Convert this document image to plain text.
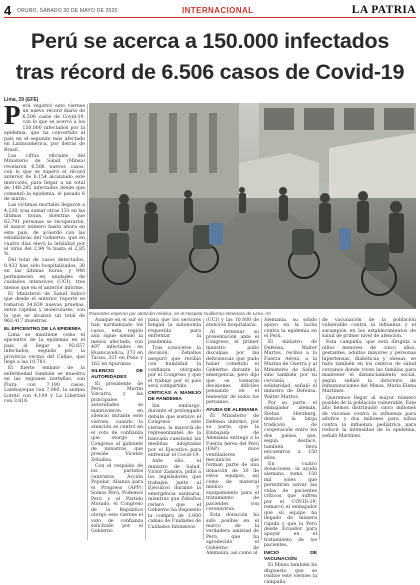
4 ORURO, SÁBADO 30 DE MAYO DE 2020	INTERNACIONAL	LA PATRIA
Perú se acerca a 150.000 infectados
tras récord de 6.506 casos de Covid-19
Lima, 29 (EFE)

Perú registró este viernes un nuevo récord diario de 6.506 casos de Covid-19, con lo que se acercó a los 150.000 infectados por la epidemia, que ha convertido al país en el segundo más afectado en Latinoamérica, por detrás de Brasil.

Las cifras oficiales del Ministerio de Salud (Minsa) revelaron 6.506 nuevos casos, con lo que se superó el récord anterior de 6.154 alcanzado este miércoles, para llegar a un total de 148.285 infectados desde que comenzó la epidemia, el pasado 6 de marzo.

Las víctimas mortales llegaron a 4.230, tras sumar otras 131 en las últimas horas, mientras que 62.791 personas se recuperaron, el mayor número hasta ahora en este país, de acuerdo con las estadísticas del Gobierno, que en cuatro días elevó la letalidad por el virus del 2,94 % hasta el 2,85 %.

Del total de casos detectados, 8.433 han sido hospitalizados, 38 en las últimas horas, y 940 permanecen en unidades de cuidados intensivos (UCI), tres menos que en el anterior informe.

El Ministerio de Salud indicó que desde el anterior reporte se tomaron 34.839 nuevas pruebas, entre rápidas y moleculares, con lo que se alcanzó un total de 963.417 muestras.

EL EPICENTRO DE LA EPIDEMIA

Lima se mantiene como el epicentro de la epidemia en el país, al llegar a 92.657 infectados, seguido por la provincia vecina del Callao, que llegó a las 10.781.

El fuerte embate de la enfermedad también se muestra en las regiones norteñas, con Piura con 7.190 casos, Lambayeque con 7.060, la andina Loreto con 4.109 y La Libertad con 3.816.

Pacientes esperan por atención médica, en el Hospital Guillermo Almenara de Lima.-/m

Aunque en el sur se han normalizado los casos, esta región aún sigue siendo la menos afectada, con 497 infectados en Huancavelica, 373 en Tacna, 321 en Puno y 162 en Apurímac.

SILENCIO DE AUTORIDADES

El presidente de Perú, Martín Vizcarra, y las principales autoridades se mantuvieron en silencio durante este viernes, cuando la atención se centró en el voto de confianza que otorgó el Congreso al gabinete de ministros que preside Vicente Zeballos.

Con el respaldo de los partidos centristas Acción Popular, Alianza para el Progreso (APP), Somos Perú, Podemos Perú y el Partido Morado, el Congreso de la República otorgó este viernes el voto de confianza solicitado por el Gobierno

para que los sectores tengan la autonomía requerida para enfrentar la pandemia.

Tras conocerse la decisión, Zeballos aseguró que recibió con humildad la confianza otorgada por el Congreso y que el trabajo por el país será compartido.

CRÍTICAS A MANEJO DE PANDEMIA

Sin embargo, durante el prolongado debate que sostuvo el Congreso este viernes, la mayoría de representantes de la bancada cuestionó las medidas adoptadas por el Ejecutivo para enfrentar el Covid-19.

Ante ello, el ministro de Salud, Víctor Zamora, pidió a los legisladores que trabajen junto al Ejecutivo durante la emergencia sanitaria, mientras que Zeballos reiteró que el Gobierno ha dispuesto la compra de 1.000 camas de Unidades de Cuidados Intensivos

(UCI) y las 10.000 de atención hospitalaria.

Al terminar su presentación ante el Congreso, el primer ministro pidió disculpas por las deficiencias que pudo haber cometido el Gobierno durante la emergencia, pero dijo que se tomaron decisiones difíciles pensando en el bienestar de todos los peruanos.

AYUDA DE ALEMANIA

El Ministerio de Defensa informó, por su parte, que la Embajada de Alemania entregó a la Fuerza Aérea del Perú (FAP) doce ventiladores mecánicos que forman parte de una donación de 30 de estos equipos, así como de material médico y equipamiento para el tratamiento de pacientes con coronavirus.

Esta donación ha sido posible en el marco de la verdadera amistad de Perú, que ha agradecido el Gobierno de Alemania, así como al

Alemania, su sólido apoyo en la lucha contra la epidemia en el Perú.

El ministro de Defensa, Walter Martos, recibió a la Fuerza Aérea, a la Marina de Guerra y al Ministerio de Salud, sino también por su cercanía y solidaridad, señaló el ministro de Defensa, Walter Martos.

Por su parte, el embajador alemán, Stefan Herzberg, destacó la larga tradición de cooperación entre los dos países, que, según destacó, también lleva encuentros a 150 años.

En cuatro donaciones, la ayuda alemana suma 150 mil soles que permitirán salvar las vidas de pacientes críticos que sufren por el COVID-19, remarcó el embajador que su equipo ha llegado de manera rápida y que la Perú desde Ecuador para apoyar en el tratamiento de los pacientes.

INICIO DE VACUNACIÓN

El Minsa también ha dispuesto que se realice este viernes la campaña

de vacunación de la población vulnerable contra la influenza y el sarampión en los establecimientos de salud de primer nivel de atención.

Esta campaña, que está dirigida a niños menores de cinco años, gestantes, adultos mayores y personas hipertensas, diabéticas y obesas, se hará también en los centros de salud cercanos donde viven las familias para mantener el distanciamiento social, según señaló la directora de Inmunizaciones del Minsa, María Elena Martínez.

Queremos llegar al mayor número posible de la población vulnerable. Este año hemos distribuido cinco millones de vacunas contra la influenza para adultos y dos millones para niños contra la influenza pediátrica para reducir la intensidad de la epidemia, señaló Martínez.
